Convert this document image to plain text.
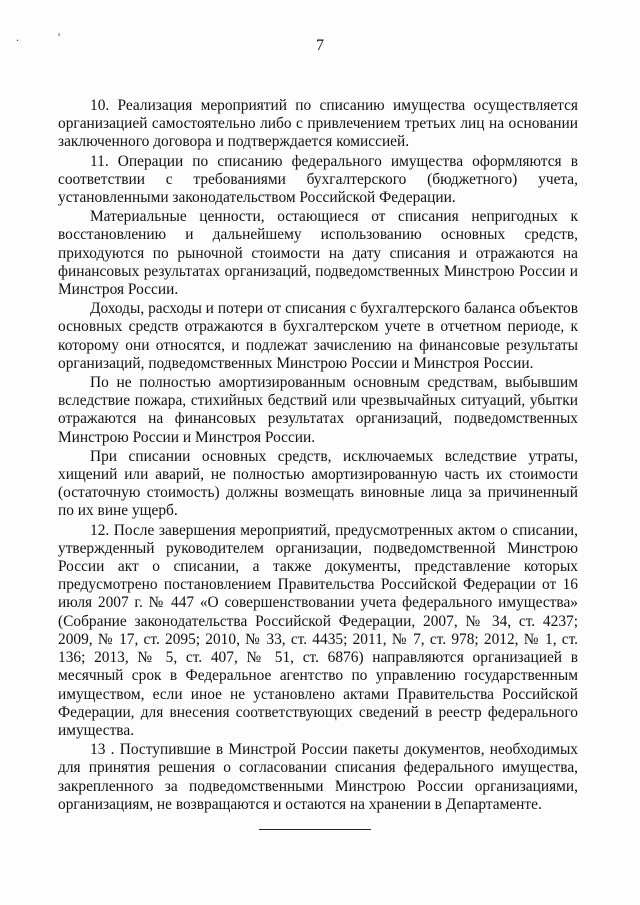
. '	7

10. Реализация мероприятий по списанию имущества осуществляется организацией самостоятельно либо с привлечением третьих лиц на основании заключенного договора и подтверждается комиссией.

11. Операции по списанию федерального имущества оформляются в соответствии с требованиями бухгалтерского (бюджетного) учета, установленными законодательством Российской Федерации.

Материальные ценности, остающиеся от списания непригодных к восстановлению и дальнейшему использованию основных средств, приходуются по рыночной стоимости на дату списания и отражаются на финансовых результатах организаций, подведомственных Минстрою России и Минстроя России.

Доходы, расходы и потери от списания с бухгалтерского баланса объектов основных средств отражаются в бухгалтерском учете в отчетном периоде, к которому они относятся, и подлежат зачислению на финансовые результаты организаций, подведомственных Минстрою России и Минстроя России.

По не полностью амортизированным основным средствам, выбывшим вследствие пожара, стихийных бедствий или чрезвычайных ситуаций, убытки отражаются на финансовых результатах организаций, подведомственных Минстрою России и Минстроя России.

При списании основных средств, исключаемых вследствие утраты, хищений или аварий, не полностью амортизированную часть их стоимости (остаточную стоимость) должны возмещать виновные лица за причиненный по их вине ущерб.

12. После завершения мероприятий, предусмотренных актом о списании, утвержденный руководителем организации, подведомственной Минстрою России акт о списании, а также документы, представление которых предусмотрено постановлением Правительства Российской Федерации от 16 июля 2007 г. № 447 «О совершенствовании учета федерального имущества» (Собрание законодательства Российской Федерации, 2007, № 34, ст. 4237; 2009, № 17, ст. 2095; 2010, № 33, ст. 4435; 2011, № 7, ст. 978; 2012, № 1, ст. 136; 2013, № 5, ст. 407, № 51, ст. 6876) направляются организацией в месячный срок в Федеральное агентство по управлению государственным имуществом, если иное не установлено актами Правительства Российской Федерации, для внесения соответствующих сведений в реестр федерального имущества.

13 . Поступившие в Минстрой России пакеты документов, необходимых для принятия решения о согласовании списания федерального имущества, закрепленного за подведомственными Минстрою России организациями, организациям, не возвращаются и остаются на хранении в Департаменте.
